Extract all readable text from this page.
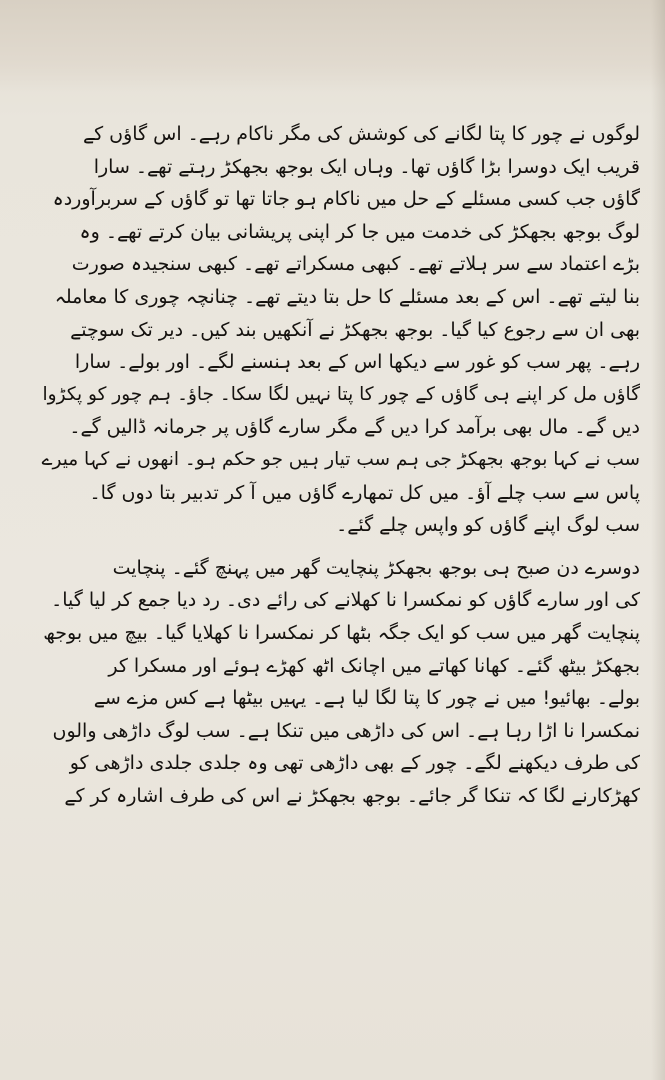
لوگوں نے چور کا پتا لگانے کی کوشش کی مگر ناکام رہے۔ اس گاؤں کے
قریب ایک دوسرا بڑا گاؤں تھا۔ وہاں ایک بوجھ بجھکڑ رہتے تھے۔ سارا
گاؤں جب کسی مسئلے کے حل میں ناکام ہو جاتا تھا تو گاؤں کے سربرآوردہ
لوگ بوجھ بجھکڑ کی خدمت میں جا کر اپنی پریشانی بیان کرتے تھے۔ وہ
بڑے اعتماد سے سر ہلاتے تھے۔ کبھی مسکراتے تھے۔ کبھی سنجیدہ صورت
بنا لیتے تھے۔ اس کے بعد مسئلے کا حل بتا دیتے تھے۔ چنانچہ چوری کا معاملہ
بھی ان سے رجوع کیا گیا۔ بوجھ بجھکڑ نے آنکھیں بند کیں۔ دیر تک سوچتے
رہے۔ پھر سب کو غور سے دیکھا اس کے بعد ہنسنے لگے۔ اور بولے۔ سارا
گاؤں مل کر اپنے ہی گاؤں کے چور کا پتا نہیں لگا سکا۔ جاؤ۔ ہم چور کو پکڑوا
دیں گے۔ مال بھی برآمد کرا دیں گے مگر سارے گاؤں پر جرمانہ ڈالیں گے۔
سب نے کہا بوجھ بجھکڑ جی ہم سب تیار ہیں جو حکم ہو۔ انھوں نے کہا میرے
پاس سے سب چلے آؤ۔ میں کل تمھارے گاؤں میں آ کر تدبیر بتا دوں گا۔
سب لوگ اپنے گاؤں کو واپس چلے گئے۔
دوسرے دن صبح ہی بوجھ بجھکڑ پنچایت گھر میں پہنچ گئے۔ پنچایت
کی اور سارے گاؤں کو نمکسرا نا کھلانے کی رائے دی۔ رد دیا جمع کر لیا گیا۔
پنچایت گھر میں سب کو ایک جگہ بٹھا کر نمکسرا نا کھلایا گیا۔ بیچ میں بوجھ
بجھکڑ بیٹھ گئے۔ کھانا کھاتے میں اچانک اٹھ کھڑے ہوئے اور مسکرا کر
بولے۔ بھائیو! میں نے چور کا پتا لگا لیا ہے۔ یہیں بیٹھا ہے کس مزے سے
نمکسرا نا اڑا رہا ہے۔ اس کی داڑھی میں تنکا ہے۔ سب لوگ داڑھی والوں
کی طرف دیکھنے لگے۔ چور کے بھی داڑھی تھی وہ جلدی جلدی داڑھی کو
کھڑکارنے لگا کہ تنکا گر جائے۔ بوجھ بجھکڑ نے اس کی طرف اشارہ کر کے
